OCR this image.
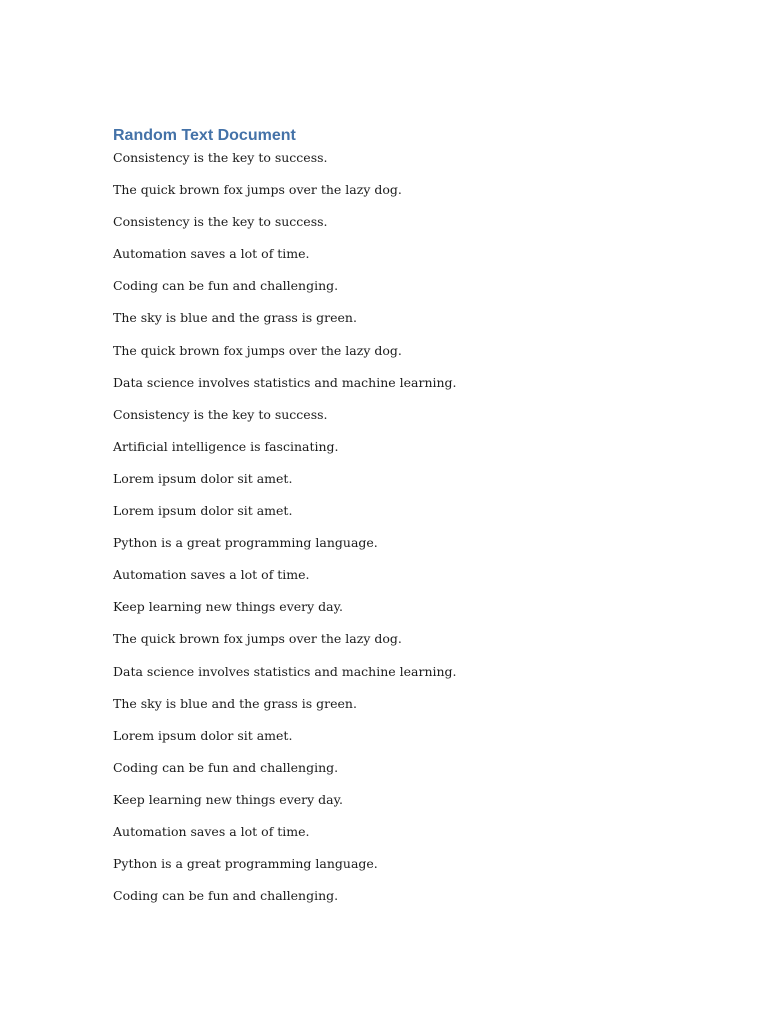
Random Text Document
Consistency is the key to success.
The quick brown fox jumps over the lazy dog.
Consistency is the key to success.
Automation saves a lot of time.
Coding can be fun and challenging.
The sky is blue and the grass is green.
The quick brown fox jumps over the lazy dog.
Data science involves statistics and machine learning.
Consistency is the key to success.
Artificial intelligence is fascinating.
Lorem ipsum dolor sit amet.
Lorem ipsum dolor sit amet.
Python is a great programming language.
Automation saves a lot of time.
Keep learning new things every day.
The quick brown fox jumps over the lazy dog.
Data science involves statistics and machine learning.
The sky is blue and the grass is green.
Lorem ipsum dolor sit amet.
Coding can be fun and challenging.
Keep learning new things every day.
Automation saves a lot of time.
Python is a great programming language.
Coding can be fun and challenging.
